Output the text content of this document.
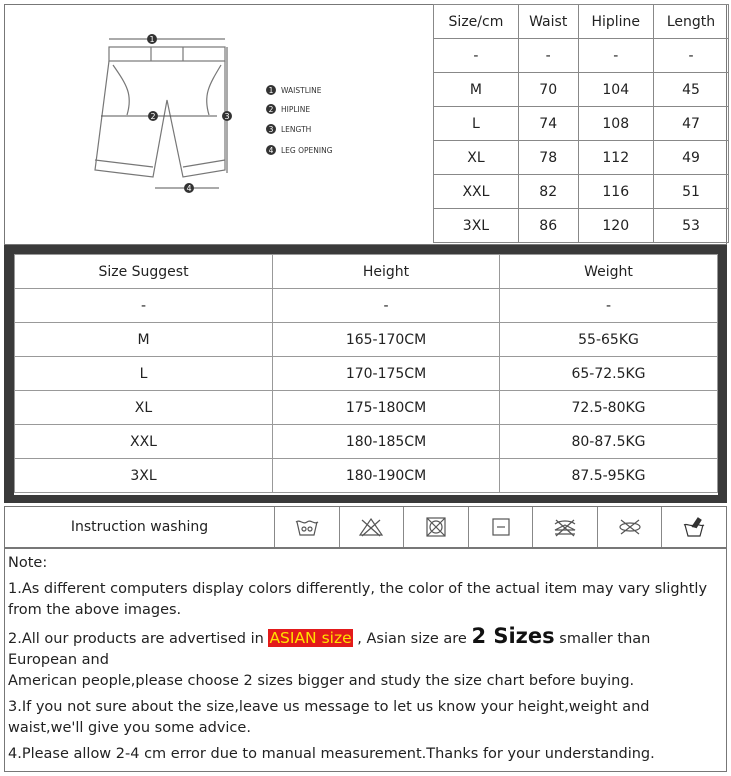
1
2	3
4
1 WAISTLINE
2 HIPLINE
3 LENGTH
4 LEG OPENING
Size/cm	Waist	Hipline	Length
-	-	-	-
M	70	104	45
L	74	108	47
XL	78	112	49
XXL	82	116	51
3XL	86	120	53
Size Suggest	Height	Weight
-	-	-
M	165-170CM	55-65KG
L	170-175CM	65-72.5KG
XL	175-180CM	72.5-80KG
XXL	180-185CM	80-87.5KG
3XL	180-190CM	87.5-95KG
Instruction washing

Note:

1.As different computers display colors differently, the color of the actual item may vary slightly from the above images.

2.All our products are advertised in ASIAN size , Asian size are 2 Sizes smaller than European and

American people,please choose 2 sizes bigger and study the size chart before buying.

3.If you not sure about the size,leave us message to let us know your height,weight and waist,we'll give you some advice.

4.Please allow 2-4 cm error due to manual measurement.Thanks for your understanding.
